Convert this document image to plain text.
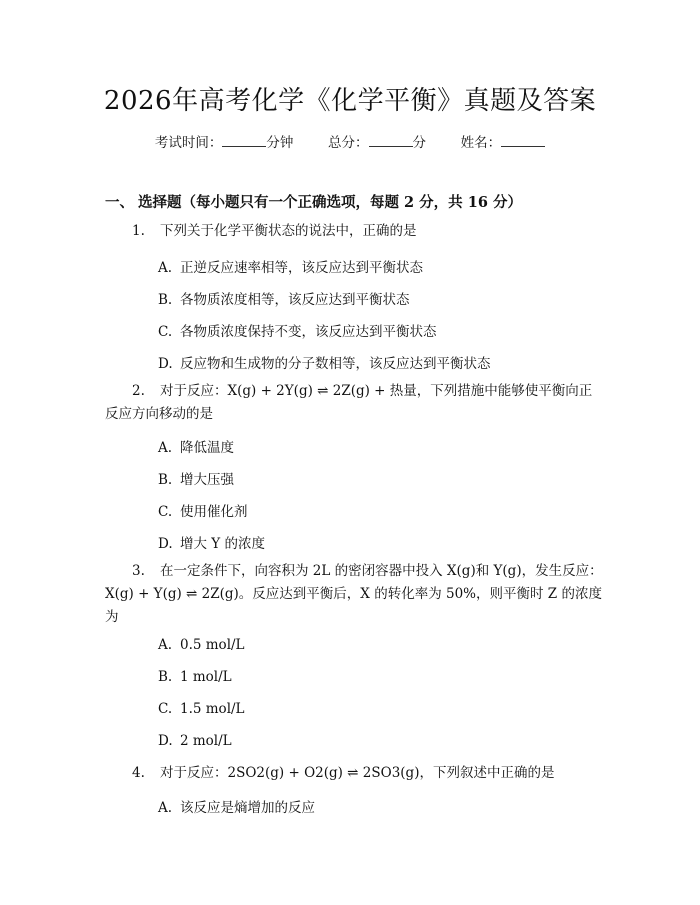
2026年高考化学《化学平衡》真题及答案
考试时间：	分钟	总分：	分	姓名：
一、 选择题（每小题只有一个正确选项，每题 2 分，共 16 分）
1. 下列关于化学平衡状态的说法中，正确的是
A. 正逆反应速率相等，该反应达到平衡状态
B. 各物质浓度相等，该反应达到平衡状态
C. 各物质浓度保持不变，该反应达到平衡状态
D. 反应物和生成物的分子数相等，该反应达到平衡状态
2. 对于反应：X(g) + 2Y(g) ⇌ 2Z(g) + 热量，下列措施中能够使平衡向正
反应方向移动的是
A. 降低温度
B. 增大压强
C. 使用催化剂
D. 增大 Y 的浓度
3. 在一定条件下，向容积为 2L 的密闭容器中投入 X(g)和 Y(g)，发生反应：
X(g) + Y(g) ⇌ 2Z(g)。反应达到平衡后，X 的转化率为 50%，则平衡时 Z 的浓度
为
A. 0.5 mol/L
B. 1 mol/L
C. 1.5 mol/L
D. 2 mol/L
4. 对于反应：2SO2(g) + O2(g) ⇌ 2SO3(g)，下列叙述中正确的是
A. 该反应是熵增加的反应
